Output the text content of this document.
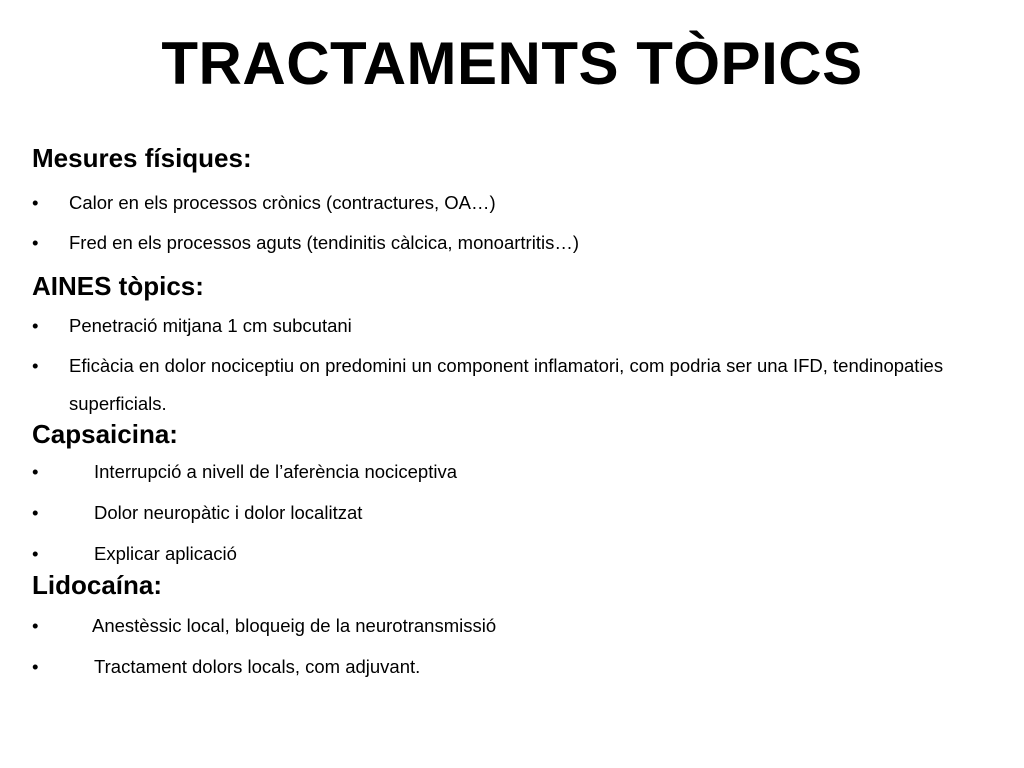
TRACTAMENTS TÒPICS
Mesures físiques:
• Calor en els processos crònics (contractures, OA…)
• Fred en els processos aguts (tendinitis càlcica, monoartritis…)
AINES tòpics:
• Penetració mitjana 1 cm subcutani
• Eficàcia en dolor nociceptiu on predomini un component inflamatori, com podria ser una IFD, tendinopaties superficials.
Capsaicina:
•	Interrupció a nivell de l’aferència nociceptiva
•	Dolor neuropàtic i dolor localitzat
•	Explicar aplicació
Lidocaína:
•	Anestèssic local, bloqueig de la neurotransmissió
•	Tractament dolors locals, com adjuvant.
